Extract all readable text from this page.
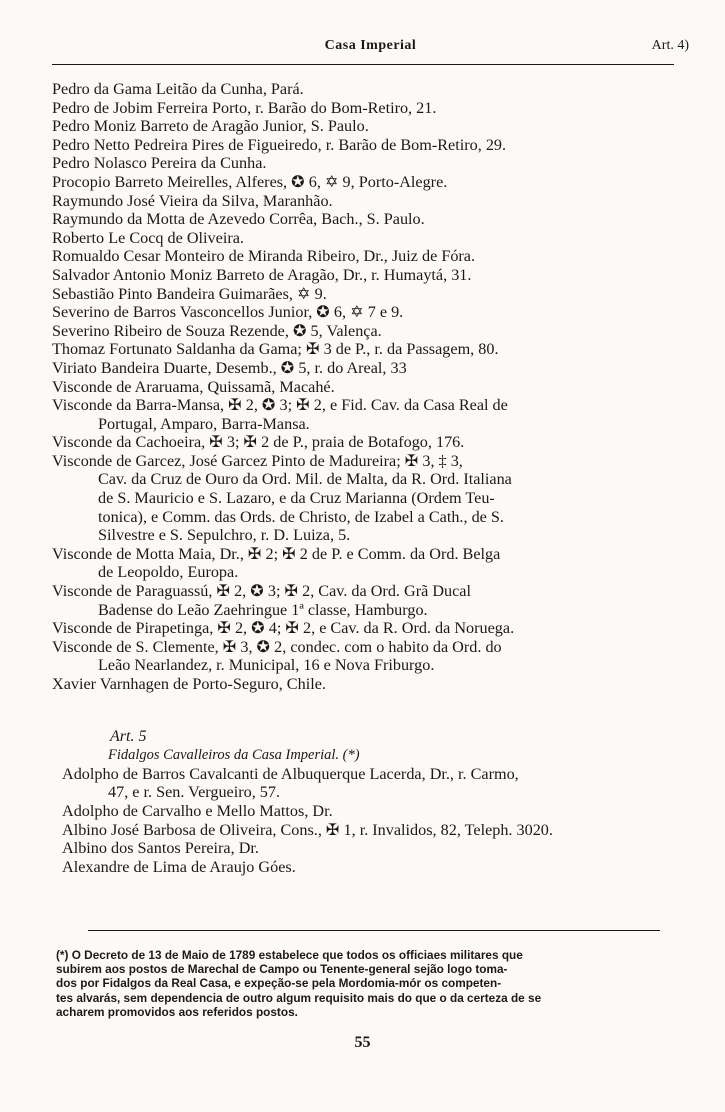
Casa Imperial	Art. 4)
Pedro da Gama Leitão da Cunha, Pará.
Pedro de Jobim Ferreira Porto, r. Barão do Bom-Retiro, 21.
Pedro Moniz Barreto de Aragão Junior, S. Paulo.
Pedro Netto Pedreira Pires de Figueiredo, r. Barão de Bom-Retiro, 29.
Pedro Nolasco Pereira da Cunha.
Procopio Barreto Meirelles, Alferes, ✪ 6, ✡ 9, Porto-Alegre.
Raymundo José Vieira da Silva, Maranhão.
Raymundo da Motta de Azevedo Corrêa, Bach., S. Paulo.
Roberto Le Cocq de Oliveira.
Romualdo Cesar Monteiro de Miranda Ribeiro, Dr., Juiz de Fóra.
Salvador Antonio Moniz Barreto de Aragão, Dr., r. Humaytá, 31.
Sebastião Pinto Bandeira Guimarães, ✡ 9.
Severino de Barros Vasconcellos Junior, ✪ 6, ✡ 7 e 9.
Severino Ribeiro de Souza Rezende, ✪ 5, Valença.
Thomaz Fortunato Saldanha da Gama; ✠ 3 de P., r. da Passagem, 80.
Viriato Bandeira Duarte, Desemb., ✪ 5, r. do Areal, 33
Visconde de Araruama, Quissamã, Macahé.
Visconde da Barra-Mansa, ✠ 2, ✪ 3; ✠ 2, e Fid. Cav. da Casa Real de
Portugal, Amparo, Barra-Mansa.
Visconde da Cachoeira, ✠ 3; ✠ 2 de P., praia de Botafogo, 176.
Visconde de Garcez, José Garcez Pinto de Madureira; ✠ 3, ‡ 3,
Cav. da Cruz de Ouro da Ord. Mil. de Malta, da R. Ord. Italiana
de S. Mauricio e S. Lazaro, e da Cruz Marianna (Ordem Teu-
tonica), e Comm. das Ords. de Christo, de Izabel a Cath., de S.
Silvestre e S. Sepulchro, r. D. Luiza, 5.
Visconde de Motta Maia, Dr., ✠ 2; ✠ 2 de P. e Comm. da Ord. Belga
de Leopoldo, Europa.
Visconde de Paraguassú, ✠ 2, ✪ 3; ✠ 2, Cav. da Ord. Grã Ducal
Badense do Leão Zaehringue 1ª classe, Hamburgo.
Visconde de Pirapetinga, ✠ 2, ✪ 4; ✠ 2, e Cav. da R. Ord. da Noruega.
Visconde de S. Clemente, ✠ 3, ✪ 2, condec. com o habito da Ord. do
Leão Nearlandez, r. Municipal, 16 e Nova Friburgo.
Xavier Varnhagen de Porto-Seguro, Chile.
Art. 5
Fidalgos Cavalleiros da Casa Imperial. (*)
Adolpho de Barros Cavalcanti de Albuquerque Lacerda, Dr., r. Carmo,
47, e r. Sen. Vergueiro, 57.
Adolpho de Carvalho e Mello Mattos, Dr.
Albino José Barbosa de Oliveira, Cons., ✠ 1, r. Invalidos, 82, Teleph. 3020.
Albino dos Santos Pereira, Dr.
Alexandre de Lima de Araujo Góes.
(*) O Decreto de 13 de Maio de 1789 estabelece que todos os officiaes militares que
subirem aos postos de Marechal de Campo ou Tenente-general sejão logo toma-
dos por Fidalgos da Real Casa, e expeção-se pela Mordomia-mór os competen-
tes alvarás, sem dependencia de outro algum requisito mais do que o da certeza de se
acharem promovidos aos referidos postos.
55
